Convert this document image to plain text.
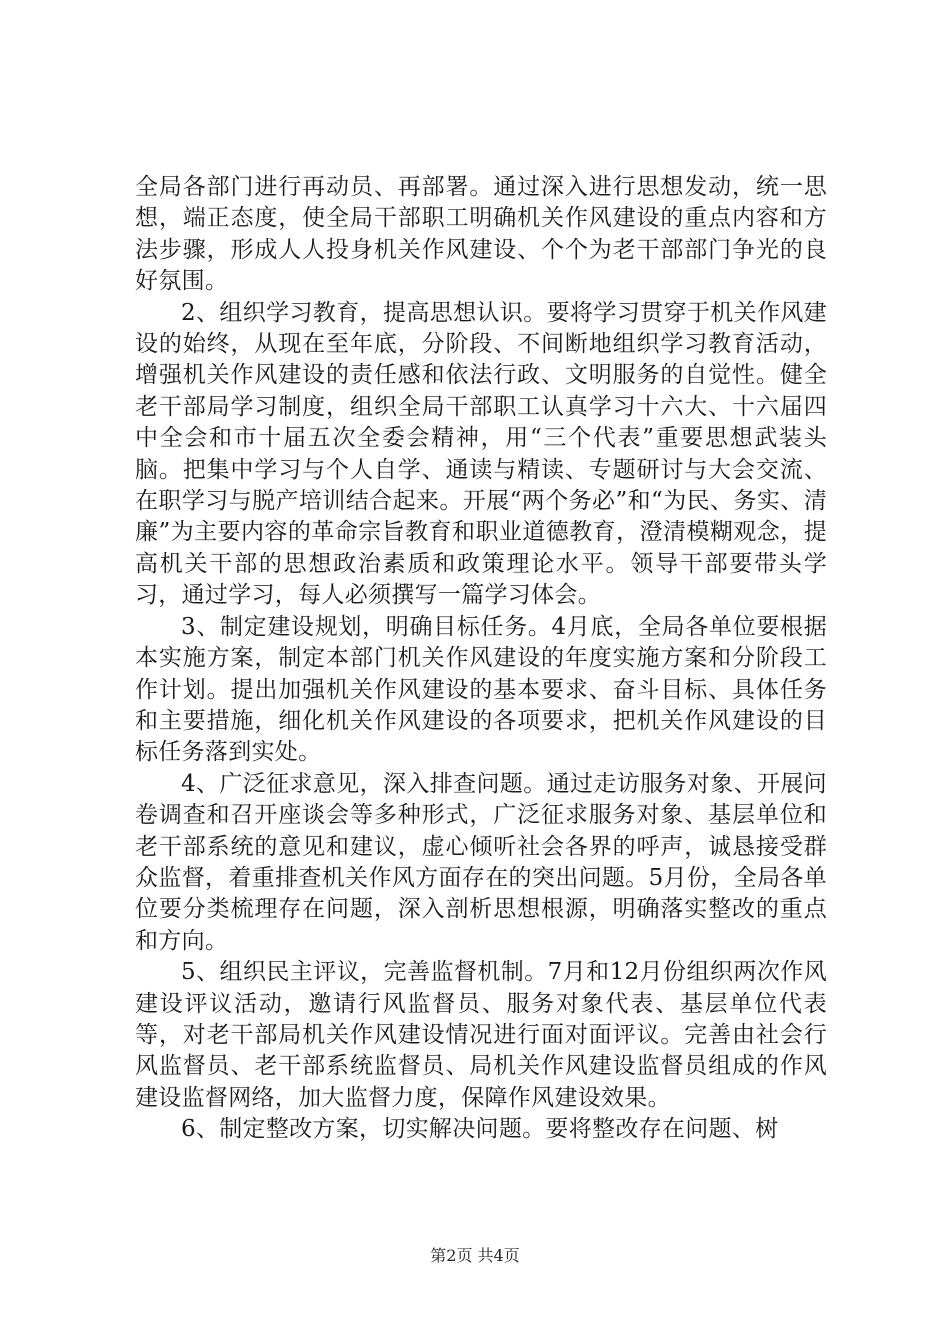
全局各部门进行再动员、再部署。通过深入进行思想发动，统一思想，端正态度，使全局干部职工明确机关作风建设的重点内容和方法步骤，形成人人投身机关作风建设、个个为老干部部门争光的良好氛围。

2、组织学习教育，提高思想认识。要将学习贯穿于机关作风建设的始终，从现在至年底，分阶段、不间断地组织学习教育活动，增强机关作风建设的责任感和依法行政、文明服务的自觉性。健全老干部局学习制度，组织全局干部职工认真学习十六大、十六届四中全会和市十届五次全委会精神，用“三个代表”重要思想武装头脑。把集中学习与个人自学、通读与精读、专题研讨与大会交流、在职学习与脱产培训结合起来。开展“两个务必”和“为民、务实、清廉”为主要内容的革命宗旨教育和职业道德教育，澄清模糊观念，提高机关干部的思想政治素质和政策理论水平。领导干部要带头学习，通过学习，每人必须撰写一篇学习体会。

3、制定建设规划，明确目标任务。4月底，全局各单位要根据本实施方案，制定本部门机关作风建设的年度实施方案和分阶段工作计划。提出加强机关作风建设的基本要求、奋斗目标、具体任务和主要措施，细化机关作风建设的各项要求，把机关作风建设的目标任务落到实处。

4、广泛征求意见，深入排查问题。通过走访服务对象、开展问卷调查和召开座谈会等多种形式，广泛征求服务对象、基层单位和老干部系统的意见和建议，虚心倾听社会各界的呼声，诚恳接受群众监督，着重排查机关作风方面存在的突出问题。5月份，全局各单位要分类梳理存在问题，深入剖析思想根源，明确落实整改的重点和方向。

5、组织民主评议，完善监督机制。7月和12月份组织两次作风建设评议活动，邀请行风监督员、服务对象代表、基层单位代表等，对老干部局机关作风建设情况进行面对面评议。完善由社会行风监督员、老干部系统监督员、局机关作风建设监督员组成的作风建设监督网络，加大监督力度，保障作风建设效果。

6、制定整改方案，切实解决问题。要将整改存在问题、树

第2页 共4页
